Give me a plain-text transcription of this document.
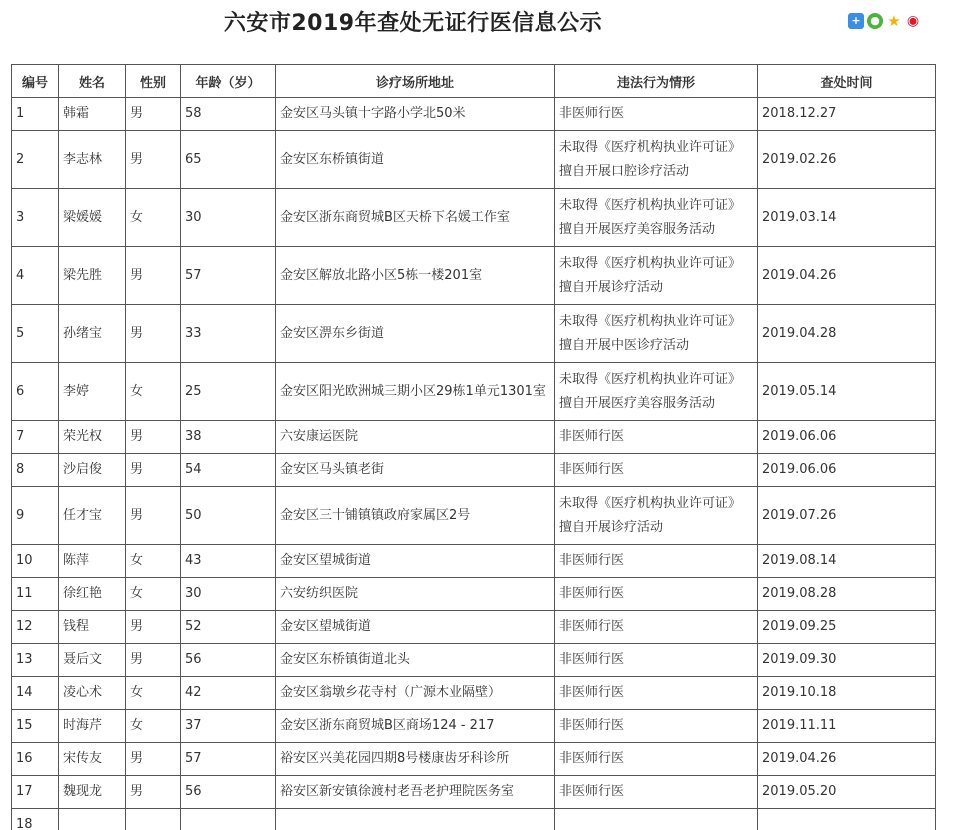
六安市2019年查处无证行医信息公示	+ ● ★ ◉
编号	姓名	性别	年龄（岁）	诊疗场所地址	违法行为情形	查处时间
1	韩霜	男	58	金安区马头镇十字路小学北50米	非医师行医	2018.12.27
2	李志林	男	65	金安区东桥镇街道	未取得《医疗机构执业许可证》擅自开展口腔诊疗活动	2019.02.26
3	梁媛媛	女	30	金安区浙东商贸城B区天桥下名媛工作室	未取得《医疗机构执业许可证》擅自开展医疗美容服务活动	2019.03.14
4	梁先胜	男	57	金安区解放北路小区5栋一楼201室	未取得《医疗机构执业许可证》擅自开展诊疗活动	2019.04.26
5	孙绪宝	男	33	金安区淠东乡街道	未取得《医疗机构执业许可证》擅自开展中医诊疗活动	2019.04.28
6	李婷	女	25	金安区阳光欧洲城三期小区29栋1单元1301室	未取得《医疗机构执业许可证》擅自开展医疗美容服务活动	2019.05.14
7	荣光权	男	38	六安康运医院	非医师行医	2019.06.06
8	沙启俊	男	54	金安区马头镇老街	非医师行医	2019.06.06
9	任才宝	男	50	金安区三十铺镇镇政府家属区2号	未取得《医疗机构执业许可证》擅自开展诊疗活动	2019.07.26
10	陈萍	女	43	金安区望城街道	非医师行医	2019.08.14
11	徐红艳	女	30	六安纺织医院	非医师行医	2019.08.28
12	钱程	男	52	金安区望城街道	非医师行医	2019.09.25
13	聂后文	男	56	金安区东桥镇街道北头	非医师行医	2019.09.30
14	凌心术	女	42	金安区翁墩乡花寺村（广源木业隔壁）	非医师行医	2019.10.18
15	时海芹	女	37	金安区浙东商贸城B区商场124 - 217	非医师行医	2019.11.11
16	宋传友	男	57	裕安区兴美花园四期8号楼康齿牙科诊所	非医师行医	2019.04.26
17	魏现龙	男	56	裕安区新安镇徐渡村老吾老护理院医务室	非医师行医	2019.05.20
18						
